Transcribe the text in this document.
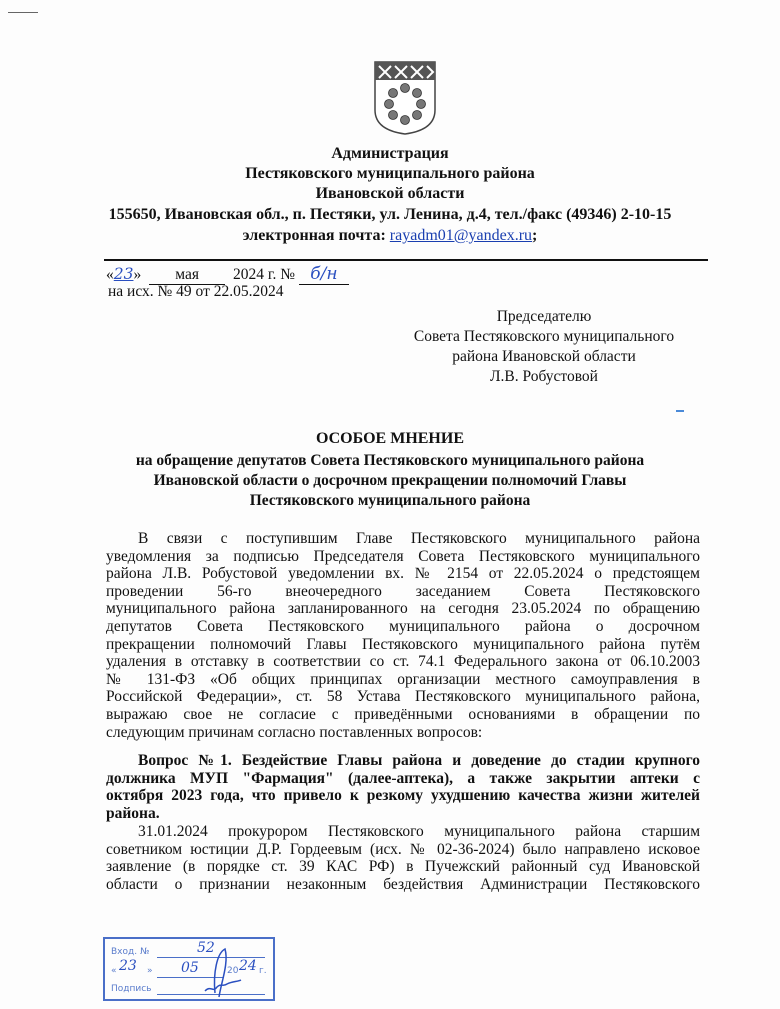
Администрация
Пестяковского муниципального района
Ивановской области
155650, Ивановская обл., п. Пестяки, ул. Ленина, д.4, тел./факс (49346) 2-10-15
электронная почта: rayadm01@yandex.ru;
«23» мая 2024 г. № б/н
на исх. № 49 от 22.05.2024
Председателю
Совета Пестяковского муниципального
района Ивановской области
Л.В. Робустовой
ОСОБОЕ МНЕНИЕ
на обращение депутатов Совета Пестяковского муниципального района
Ивановской области о досрочном прекращении полномочий Главы
Пестяковского муниципального района
В связи с поступившим Главе Пестяковского муниципального района
уведомления за подписью Председателя Совета Пестяковского муниципального
района Л.В. Робустовой уведомлении вх. № 2154 от 22.05.2024 о предстоящем
проведении 56-го внеочередного заседанием Совета Пестяковского
муниципального района запланированного на сегодня 23.05.2024 по обращению
депутатов Совета Пестяковского муниципального района о досрочном
прекращении полномочий Главы Пестяковского муниципального района путём
удаления в отставку в соответствии со ст. 74.1 Федерального закона от 06.10.2003
№ 131-ФЗ «Об общих принципах организации местного самоуправления в
Российской Федерации», ст. 58 Устава Пестяковского муниципального района,
выражаю свое не согласие с приведёнными основаниями в обращении по
следующим причинам согласно поставленных вопросов:
Вопрос №1. Бездействие Главы района и доведение до стадии крупного
должника МУП "Фармация" (далее-аптека), а также закрытии аптеки с
октября 2023 года, что привело к резкому ухудшению качества жизни жителей
района.
31.01.2024 прокурором Пестяковского муниципального района старшим
советником юстиции Д.Р. Гордеевым (исх. № 02-36-2024) было направлено исковое
заявление (в порядке ст. 39 КАС РФ) в Пучежский районный суд Ивановской
области о признании незаконным бездействия Администрации Пестяковского
Вход. №	52
« 23 » 05	20 24 г.
Подпись
